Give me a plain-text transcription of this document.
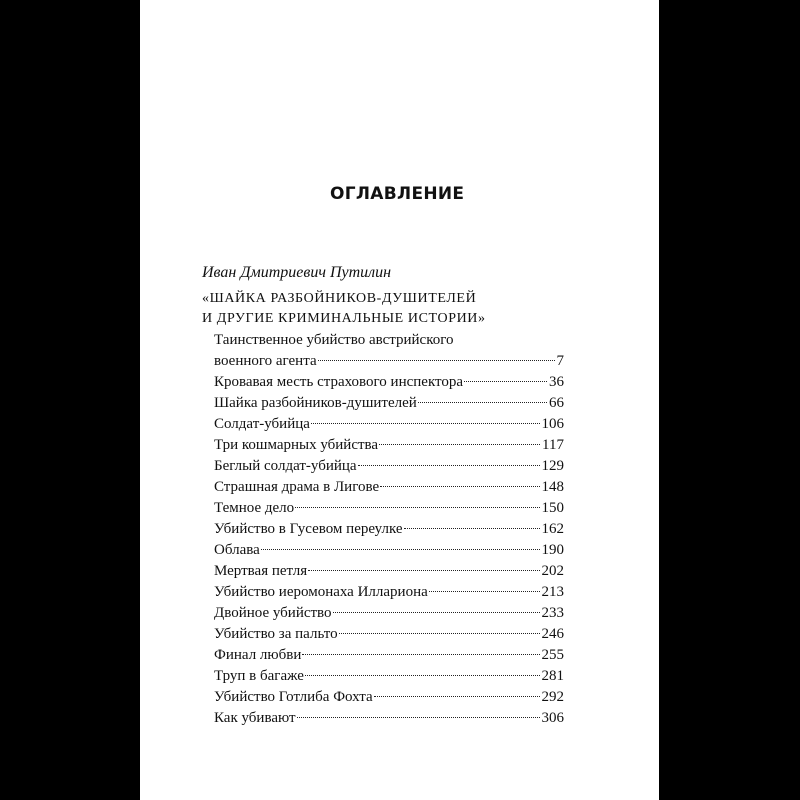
ОГЛАВЛЕНИЕ
Иван Дмитриевич Путилин
«ШАЙКА РАЗБОЙНИКОВ-ДУШИТЕЛЕЙ
И ДРУГИЕ КРИМИНАЛЬНЫЕ ИСТОРИИ»
Таинственное убийство австрийского
военного агента	7
Кровавая месть страхового инспектора	36
Шайка разбойников-душителей	66
Солдат-убийца	106
Три кошмарных убийства	117
Беглый солдат-убийца	129
Страшная драма в Лигове	148
Темное дело	150
Убийство в Гусевом переулке	162
Облава	190
Мертвая петля	202
Убийство иеромонаха Иллариона	213
Двойное убийство	233
Убийство за пальто	246
Финал любви	255
Труп в багаже	281
Убийство Готлиба Фохта	292
Как убивают	306
